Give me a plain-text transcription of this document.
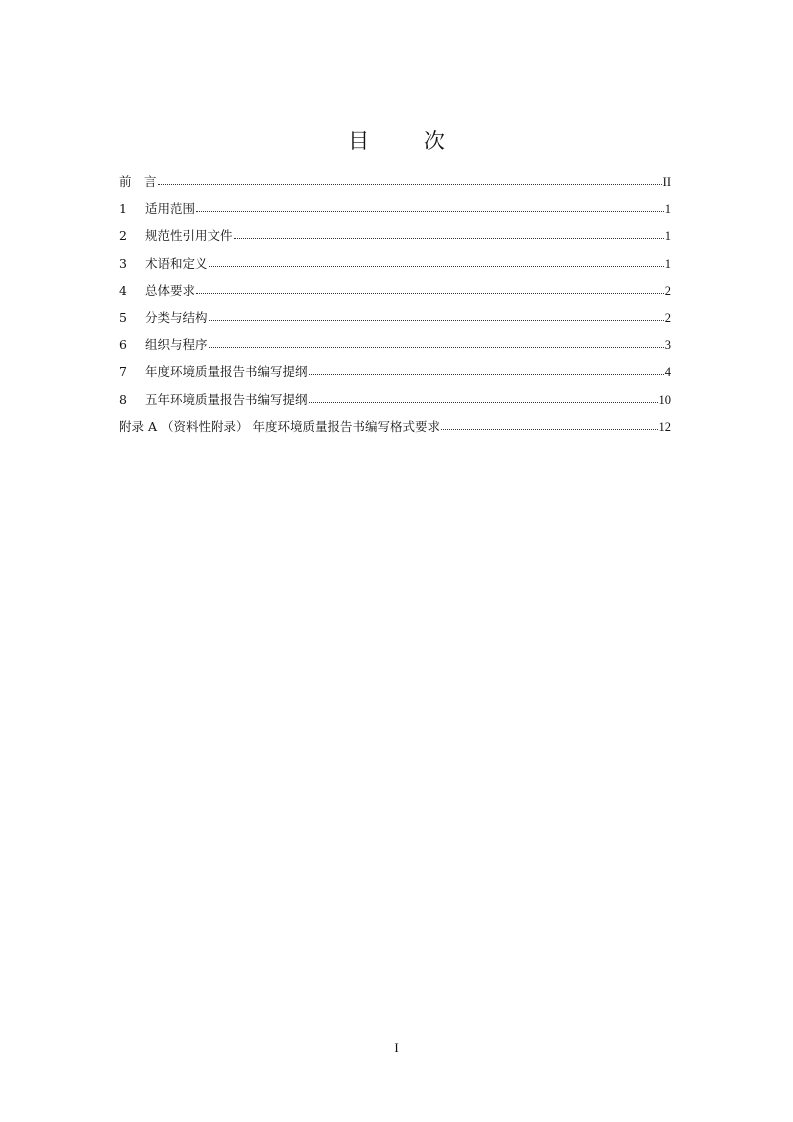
目 次
前　言	II
1	适用范围	1
2	规范性引用文件	1
3	术语和定义	1
4	总体要求	2
5	分类与结构	2
6	组织与程序	3
7	年度环境质量报告书编写提纲	4
8	五年环境质量报告书编写提纲	10
附录 A （资料性附录） 年度环境质量报告书编写格式要求	12
I
